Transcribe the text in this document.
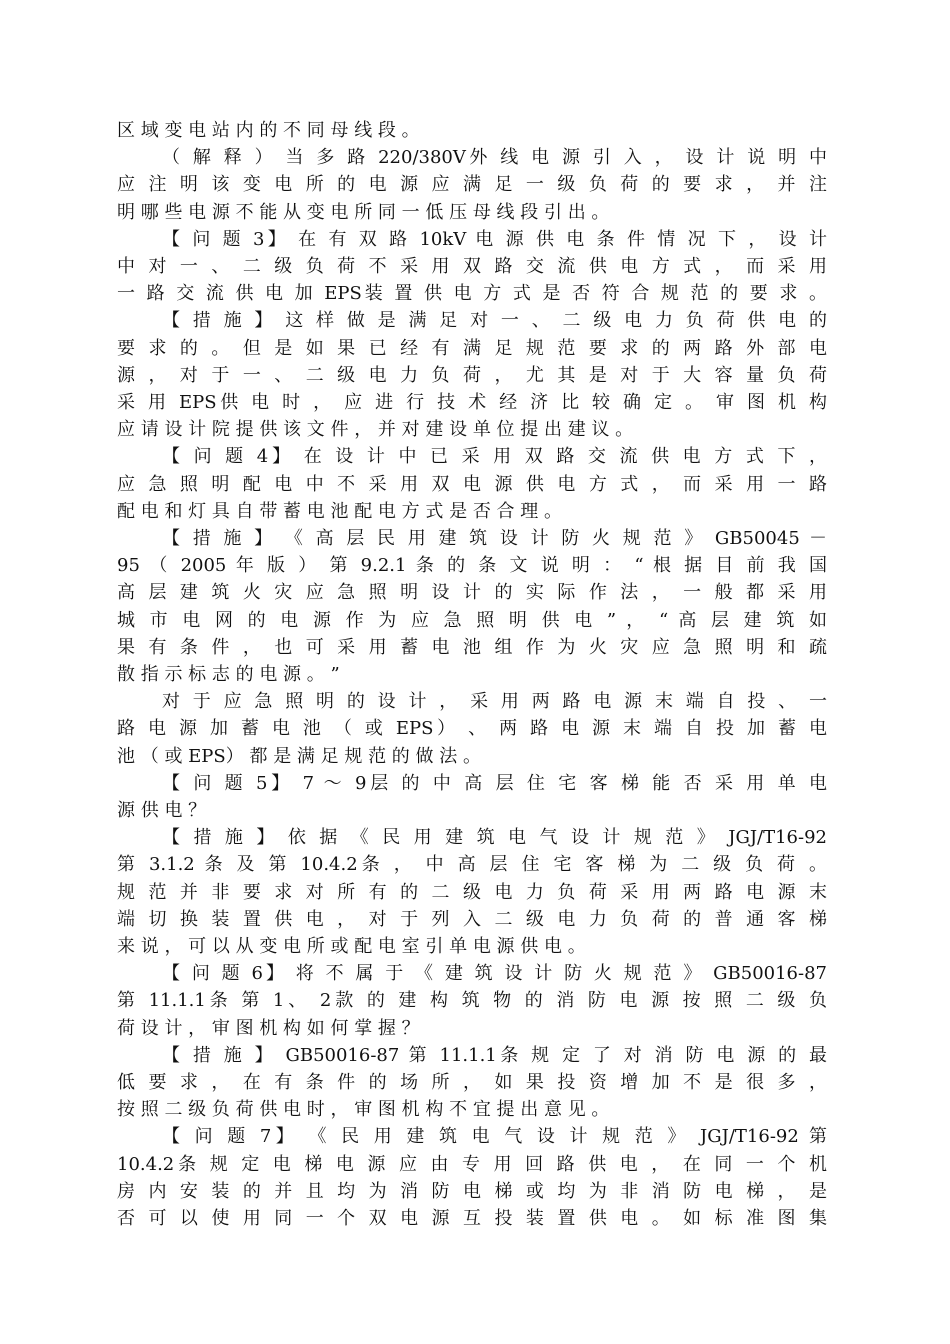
区 域 变 电 站 内 的 不 同 母 线 段 。
（ 解 释 ） 当 多 路 220/380V外 线 电 源 引 入 ， 设 计 说 明 中
应 注 明 该 变 电 所 的 电 源 应 满 足 一 级 负 荷 的 要 求 ， 并 注
明 哪 些 电 源 不 能 从 变 电 所 同 一 低 压 母 线 段 引 出 。
【 问 题 3】 在 有 双 路 10kV 电 源 供 电 条 件 情 况 下 ， 设 计
中 对 一 、 二 级 负 荷 不 采 用 双 路 交 流 供 电 方 式 ， 而 采 用
一 路 交 流 供 电 加 EPS装 置 供 电 方 式 是 否 符 合 规 范 的 要 求 。
【 措 施 】 这 样 做 是 满 足 对 一 、 二 级 电 力 负 荷 供 电 的
要 求 的 。 但 是 如 果 已 经 有 满 足 规 范 要 求 的 两 路 外 部 电
源 ， 对 于 一 、 二 级 电 力 负 荷 ， 尤 其 是 对 于 大 容 量 负 荷
采 用 EPS供 电 时 ， 应 进 行 技 术 经 济 比 较 确 定 。 审 图 机 构
应 请 设 计 院 提 供 该 文 件 ， 并 对 建 设 单 位 提 出 建 议 。
【 问 题 4】 在 设 计 中 已 采 用 双 路 交 流 供 电 方 式 下 ，
应 急 照 明 配 电 中 不 采 用 双 电 源 供 电 方 式 ， 而 采 用 一 路
配 电 和 灯 具 自 带 蓄 电 池 配 电 方 式 是 否 合 理 。
【 措 施 】 《 高 层 民 用 建 筑 设 计 防 火 规 范 》 GB50045 －
95 （ 2005 年 版 ） 第 9.2.1 条 的 条 文 说 明 ： “ 根 据 目 前 我 国
高 层 建 筑 火 灾 应 急 照 明 设 计 的 实 际 作 法 ， 一 般 都 采 用
城 市 电 网 的 电 源 作 为 应 急 照 明 供 电 ” ， “ 高 层 建 筑 如
果 有 条 件 ， 也 可 采 用 蓄 电 池 组 作 为 火 灾 应 急 照 明 和 疏
散 指 示 标 志 的 电 源 。 ”
对 于 应 急 照 明 的 设 计 ， 采 用 两 路 电 源 末 端 自 投 、 一
路 电 源 加 蓄 电 池 （ 或 EPS） 、 两 路 电 源 末 端 自 投 加 蓄 电
池 （ 或 EPS） 都 是 满 足 规 范 的 做 法 。
【 问 题 5】 7 ～ 9层 的 中 高 层 住 宅 客 梯 能 否 采 用 单 电
源 供 电 ？
【 措 施 】 依 据 《 民 用 建 筑 电 气 设 计 规 范 》 JGJ/T16-92
第 3.1.2 条 及 第 10.4.2条 ， 中 高 层 住 宅 客 梯 为 二 级 负 荷 。
规 范 并 非 要 求 对 所 有 的 二 级 电 力 负 荷 采 用 两 路 电 源 末
端 切 换 装 置 供 电 ， 对 于 列 入 二 级 电 力 负 荷 的 普 通 客 梯
来 说 ， 可 以 从 变 电 所 或 配 电 室 引 单 电 源 供 电 。
【 问 题 6】 将 不 属 于 《 建 筑 设 计 防 火 规 范 》 GB50016-87
第 11.1.1条 第 1、 2款 的 建 构 筑 物 的 消 防 电 源 按 照 二 级 负
荷 设 计 ， 审 图 机 构 如 何 掌 握 ？
【 措 施 】 GB50016-87 第 11.1.1条 规 定 了 对 消 防 电 源 的 最
低 要 求 ， 在 有 条 件 的 场 所 ， 如 果 投 资 增 加 不 是 很 多 ，
按 照 二 级 负 荷 供 电 时 ， 审 图 机 构 不 宜 提 出 意 见 。
【 问 题 7】 《 民 用 建 筑 电 气 设 计 规 范 》 JGJ/T16-92 第
10.4.2条 规 定 电 梯 电 源 应 由 专 用 回 路 供 电 ， 在 同 一 个 机
房 内 安 装 的 并 且 均 为 消 防 电 梯 或 均 为 非 消 防 电 梯 ， 是
否 可 以 使 用 同 一 个 双 电 源 互 投 装 置 供 电 。 如 标 准 图 集
